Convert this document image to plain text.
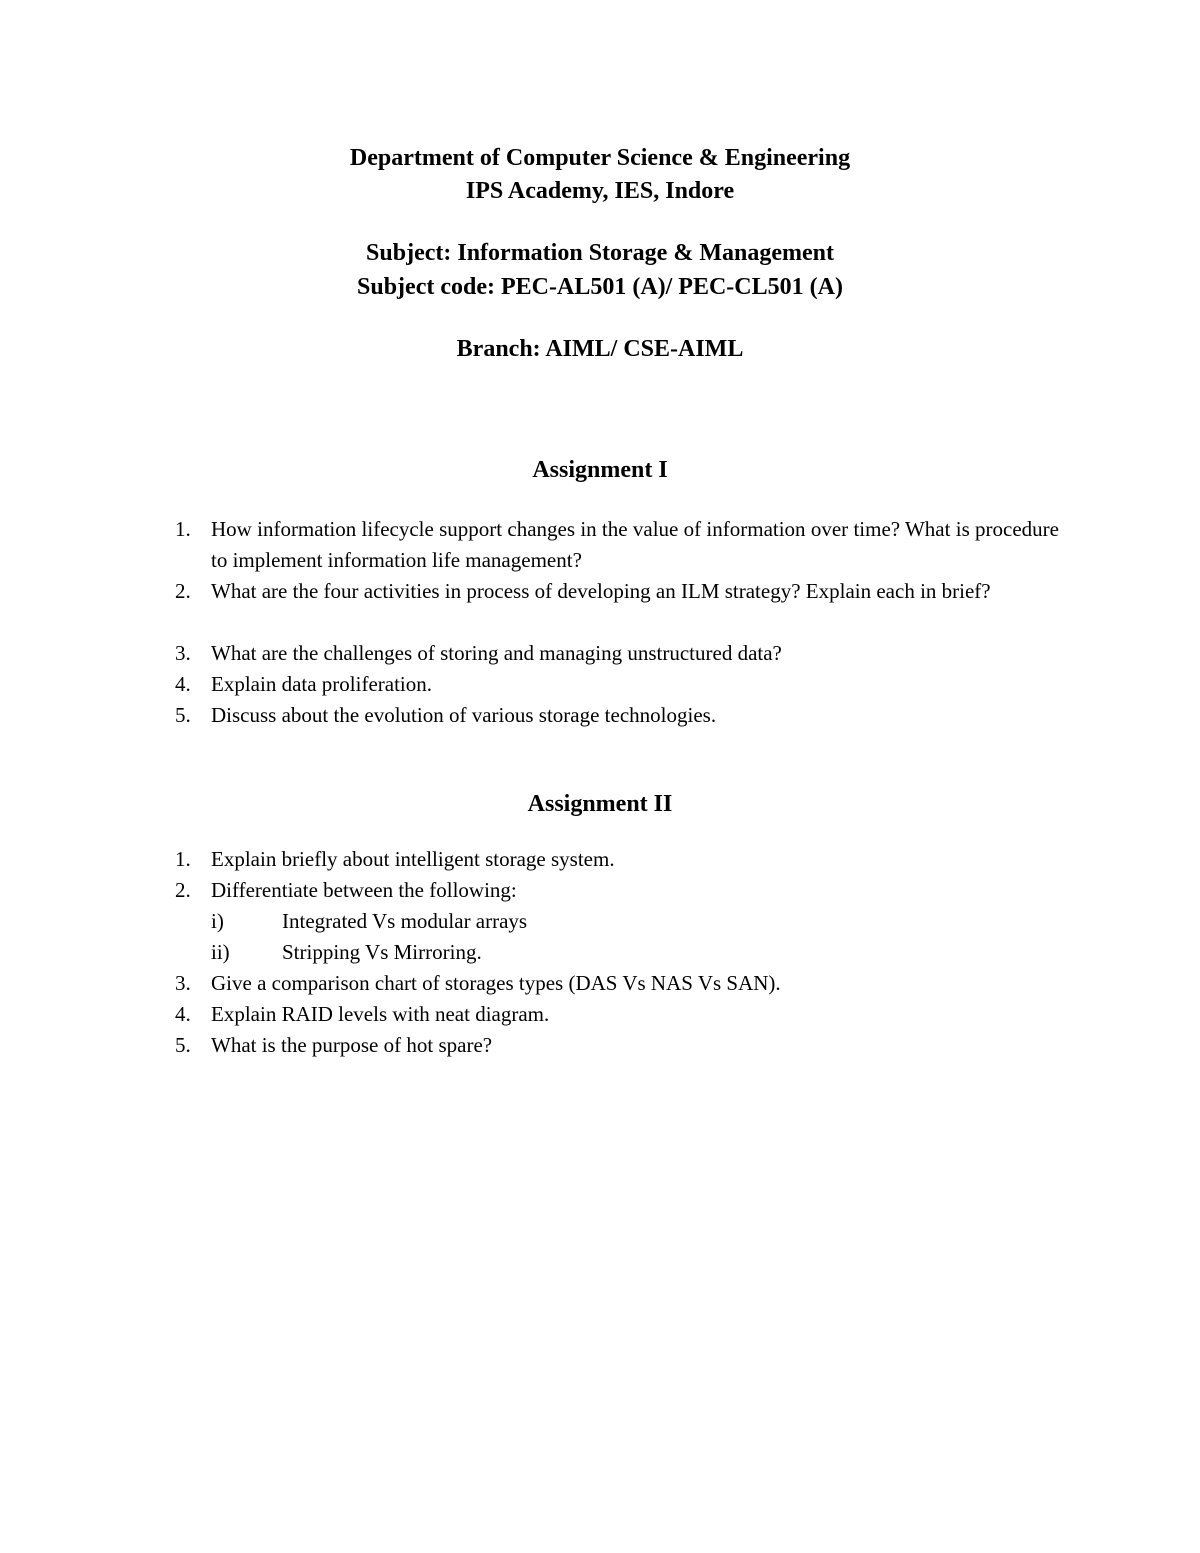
Department of Computer Science & Engineering
IPS Academy, IES, Indore
Subject: Information Storage & Management
Subject code: PEC-AL501 (A)/ PEC-CL501 (A)
Branch: AIML/ CSE-AIML
Assignment I
1. How information lifecycle support changes in the value of information over time? What is procedure to implement information life management?
2. What are the four activities in process of developing an ILM strategy? Explain each in brief?
3. What are the challenges of storing and managing unstructured data?
4. Explain data proliferation.
5. Discuss about the evolution of various storage technologies.
Assignment II
1. Explain briefly about intelligent storage system.
2. Differentiate between the following:
i)	Integrated Vs modular arrays
ii) Stripping Vs Mirroring.
3. Give a comparison chart of storages types (DAS Vs NAS Vs SAN).
4. Explain RAID levels with neat diagram.
5. What is the purpose of hot spare?
